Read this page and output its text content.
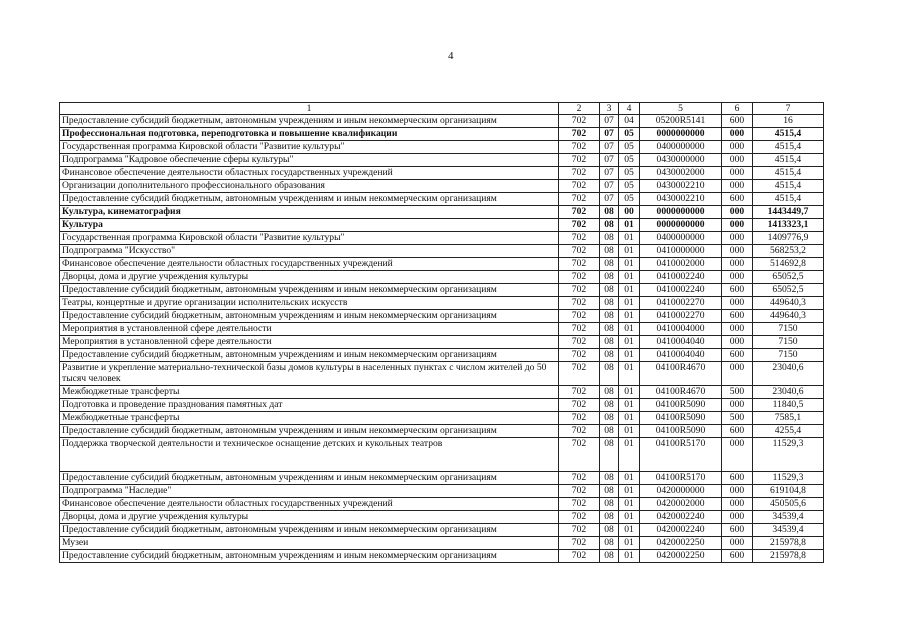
4
1	2	3	4	5	6	7
Предоставление субсидий бюджетным, автономным учреждениям и иным некоммерческим организациям	702	07	04	05200R5141	600	16
Профессиональная подготовка, переподготовка и повышение квалификации	702	07	05	0000000000	000	4515,4
Государственная программа Кировской области "Развитие культуры"	702	07	05	0400000000	000	4515,4
Подпрограмма "Кадровое обеспечение сферы культуры"	702	07	05	0430000000	000	4515,4
Финансовое обеспечение деятельности областных государственных учреждений	702	07	05	0430002000	000	4515,4
Организации дополнительного профессионального образования	702	07	05	0430002210	000	4515,4
Предоставление субсидий бюджетным, автономным учреждениям и иным некоммерческим организациям	702	07	05	0430002210	600	4515,4
Культура, кинематография	702	08	00	0000000000	000	1443449,7
Культура	702	08	01	0000000000	000	1413323,1
Государственная программа Кировской области "Развитие культуры"	702	08	01	0400000000	000	1409776,9
Подпрограмма "Искусство"	702	08	01	0410000000	000	568253,2
Финансовое обеспечение деятельности областных государственных учреждений	702	08	01	0410002000	000	514692,8
Дворцы, дома и другие учреждения культуры	702	08	01	0410002240	000	65052,5
Предоставление субсидий бюджетным, автономным учреждениям и иным некоммерческим организациям	702	08	01	0410002240	600	65052,5
Театры, концертные и другие организации исполнительских искусств	702	08	01	0410002270	000	449640,3
Предоставление субсидий бюджетным, автономным учреждениям и иным некоммерческим организациям	702	08	01	0410002270	600	449640,3
Мероприятия в установленной сфере деятельности	702	08	01	0410004000	000	7150
Мероприятия в установленной сфере деятельности	702	08	01	0410004040	000	7150
Предоставление субсидий бюджетным, автономным учреждениям и иным некоммерческим организациям	702	08	01	0410004040	600	7150
Развитие и укрепление материально-технической базы домов культуры в населенных пунктах с числом жителей до 50 тысяч человек	702	08	01	04100R4670	000	23040,6
Межбюджетные трансферты	702	08	01	04100R4670	500	23040,6
Подготовка и проведение празднования памятных дат	702	08	01	04100R5090	000	11840,5
Межбюджетные трансферты	702	08	01	04100R5090	500	7585,1
Предоставление субсидий бюджетным, автономным учреждениям и иным некоммерческим организациям	702	08	01	04100R5090	600	4255,4
Поддержка творческой деятельности и техническое оснащение детских и кукольных театров	702	08	01	04100R5170	000	11529,3
Предоставление субсидий бюджетным, автономным учреждениям и иным некоммерческим организациям	702	08	01	04100R5170	600	11529,3
Подпрограмма "Наследие"	702	08	01	0420000000	000	619104,8
Финансовое обеспечение деятельности областных государственных учреждений	702	08	01	0420002000	000	450505,6
Дворцы, дома и другие учреждения культуры	702	08	01	0420002240	000	34539,4
Предоставление субсидий бюджетным, автономным учреждениям и иным некоммерческим организациям	702	08	01	0420002240	600	34539,4
Музеи	702	08	01	0420002250	000	215978,8
Предоставление субсидий бюджетным, автономным учреждениям и иным некоммерческим организациям	702	08	01	0420002250	600	215978,8
